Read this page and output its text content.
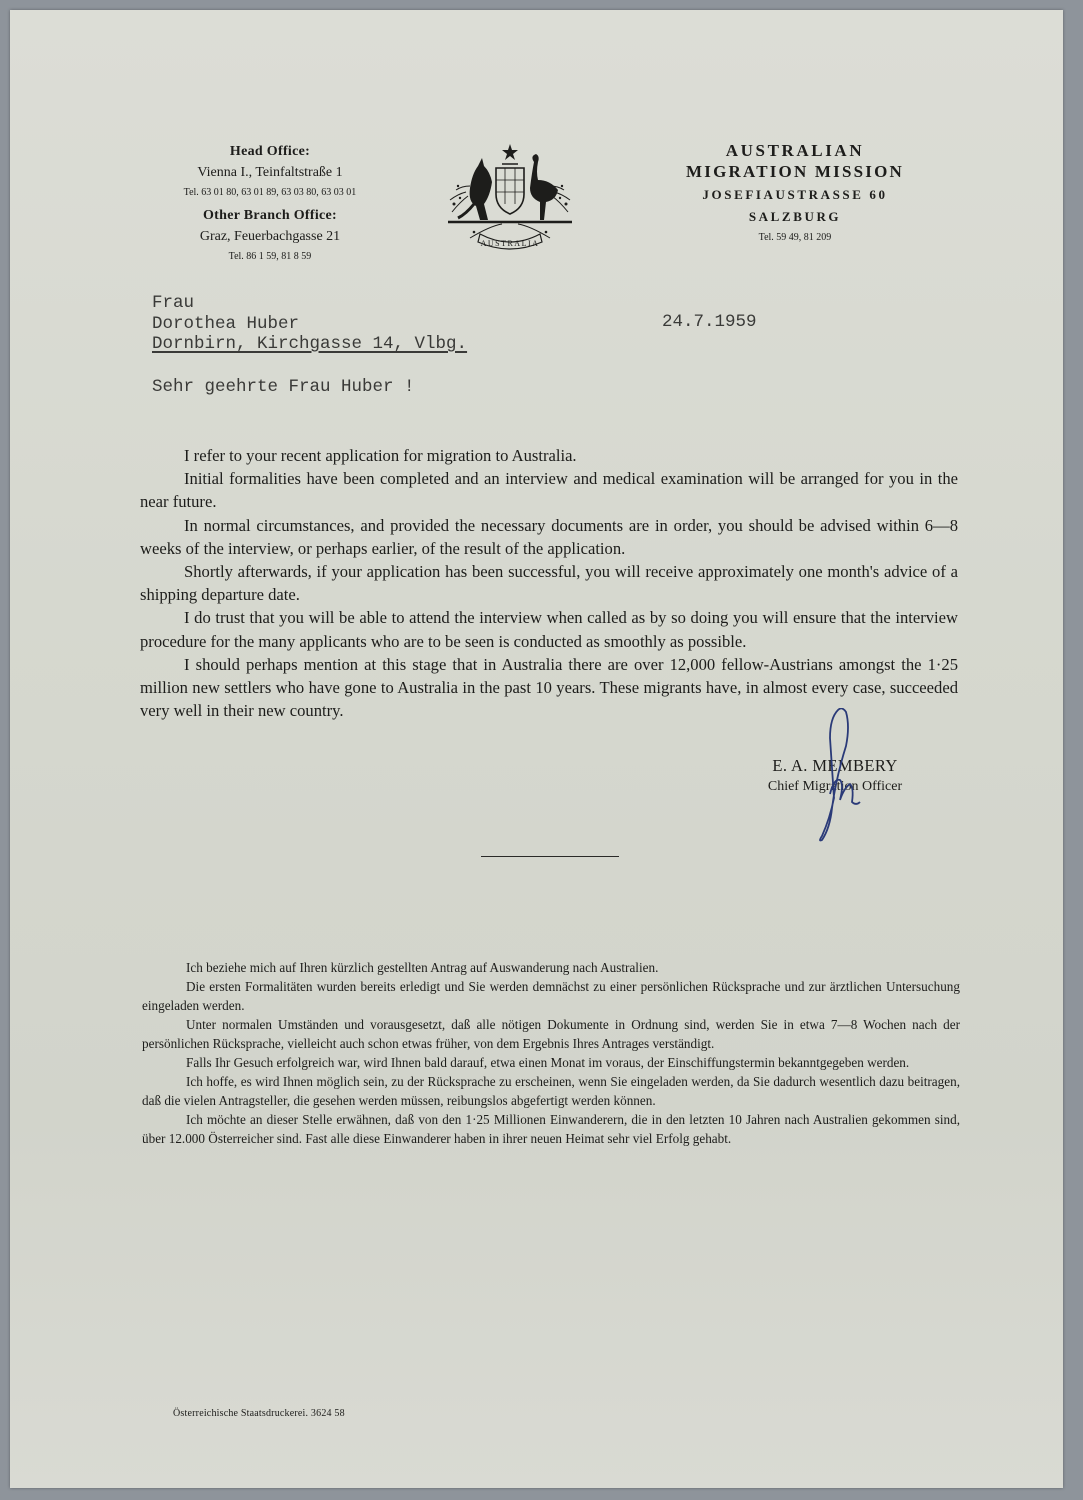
Head Office:

Vienna I., Teinfaltstraße 1

Tel. 63 01 80, 63 01 89, 63 03 80, 63 03 01

Other Branch Office:

Graz, Feuerbachgasse 21

Tel. 86 1 59, 81 8 59

AUSTRALIA

AUSTRALIAN

MIGRATION MISSION

JOSEFIAUSTRASSE 60

SALZBURG

Tel. 59 49, 81 209

Frau
Dorothea Huber
Dornbirn, Kirchgasse 14, Vlbg.
24.7.1959
Sehr geehrte Frau Huber !

I refer to your recent application for migration to Australia.

Initial formalities have been completed and an interview and medical examination will be arranged for you in the near future.

In normal circumstances, and provided the necessary documents are in order, you should be advised within 6—8 weeks of the interview, or perhaps earlier, of the result of the application.

Shortly afterwards, if your application has been successful, you will receive approximately one month's advice of a shipping departure date.

I do trust that you will be able to attend the interview when called as by so doing you will ensure that the interview procedure for the many applicants who are to be seen is conducted as smoothly as possible.

I should perhaps mention at this stage that in Australia there are over 12,000 fellow-Austrians amongst the 1·25 million new settlers who have gone to Australia in the past 10 years. These migrants have, in almost every case, succeeded very well in their new country.

E. A. MEMBERY
Chief Migration Officer

Ich beziehe mich auf Ihren kürzlich gestellten Antrag auf Auswanderung nach Australien.

Die ersten Formalitäten wurden bereits erledigt und Sie werden demnächst zu einer persönlichen Rücksprache und zur ärztlichen Untersuchung eingeladen werden.

Unter normalen Umständen und vorausgesetzt, daß alle nötigen Dokumente in Ordnung sind, werden Sie in etwa 7—8 Wochen nach der persönlichen Rücksprache, vielleicht auch schon etwas früher, von dem Ergebnis Ihres Antrages verständigt.

Falls Ihr Gesuch erfolgreich war, wird Ihnen bald darauf, etwa einen Monat im voraus, der Einschiffungstermin bekanntgegeben werden.

Ich hoffe, es wird Ihnen möglich sein, zu der Rücksprache zu erscheinen, wenn Sie eingeladen werden, da Sie dadurch wesentlich dazu beitragen, daß die vielen Antragsteller, die gesehen werden müssen, reibungslos abgefertigt werden können.

Ich möchte an dieser Stelle erwähnen, daß von den 1·25 Millionen Einwanderern, die in den letzten 10 Jahren nach Australien gekommen sind, über 12.000 Österreicher sind. Fast alle diese Einwanderer haben in ihrer neuen Heimat sehr viel Erfolg gehabt.

Österreichische Staatsdruckerei. 3624 58
